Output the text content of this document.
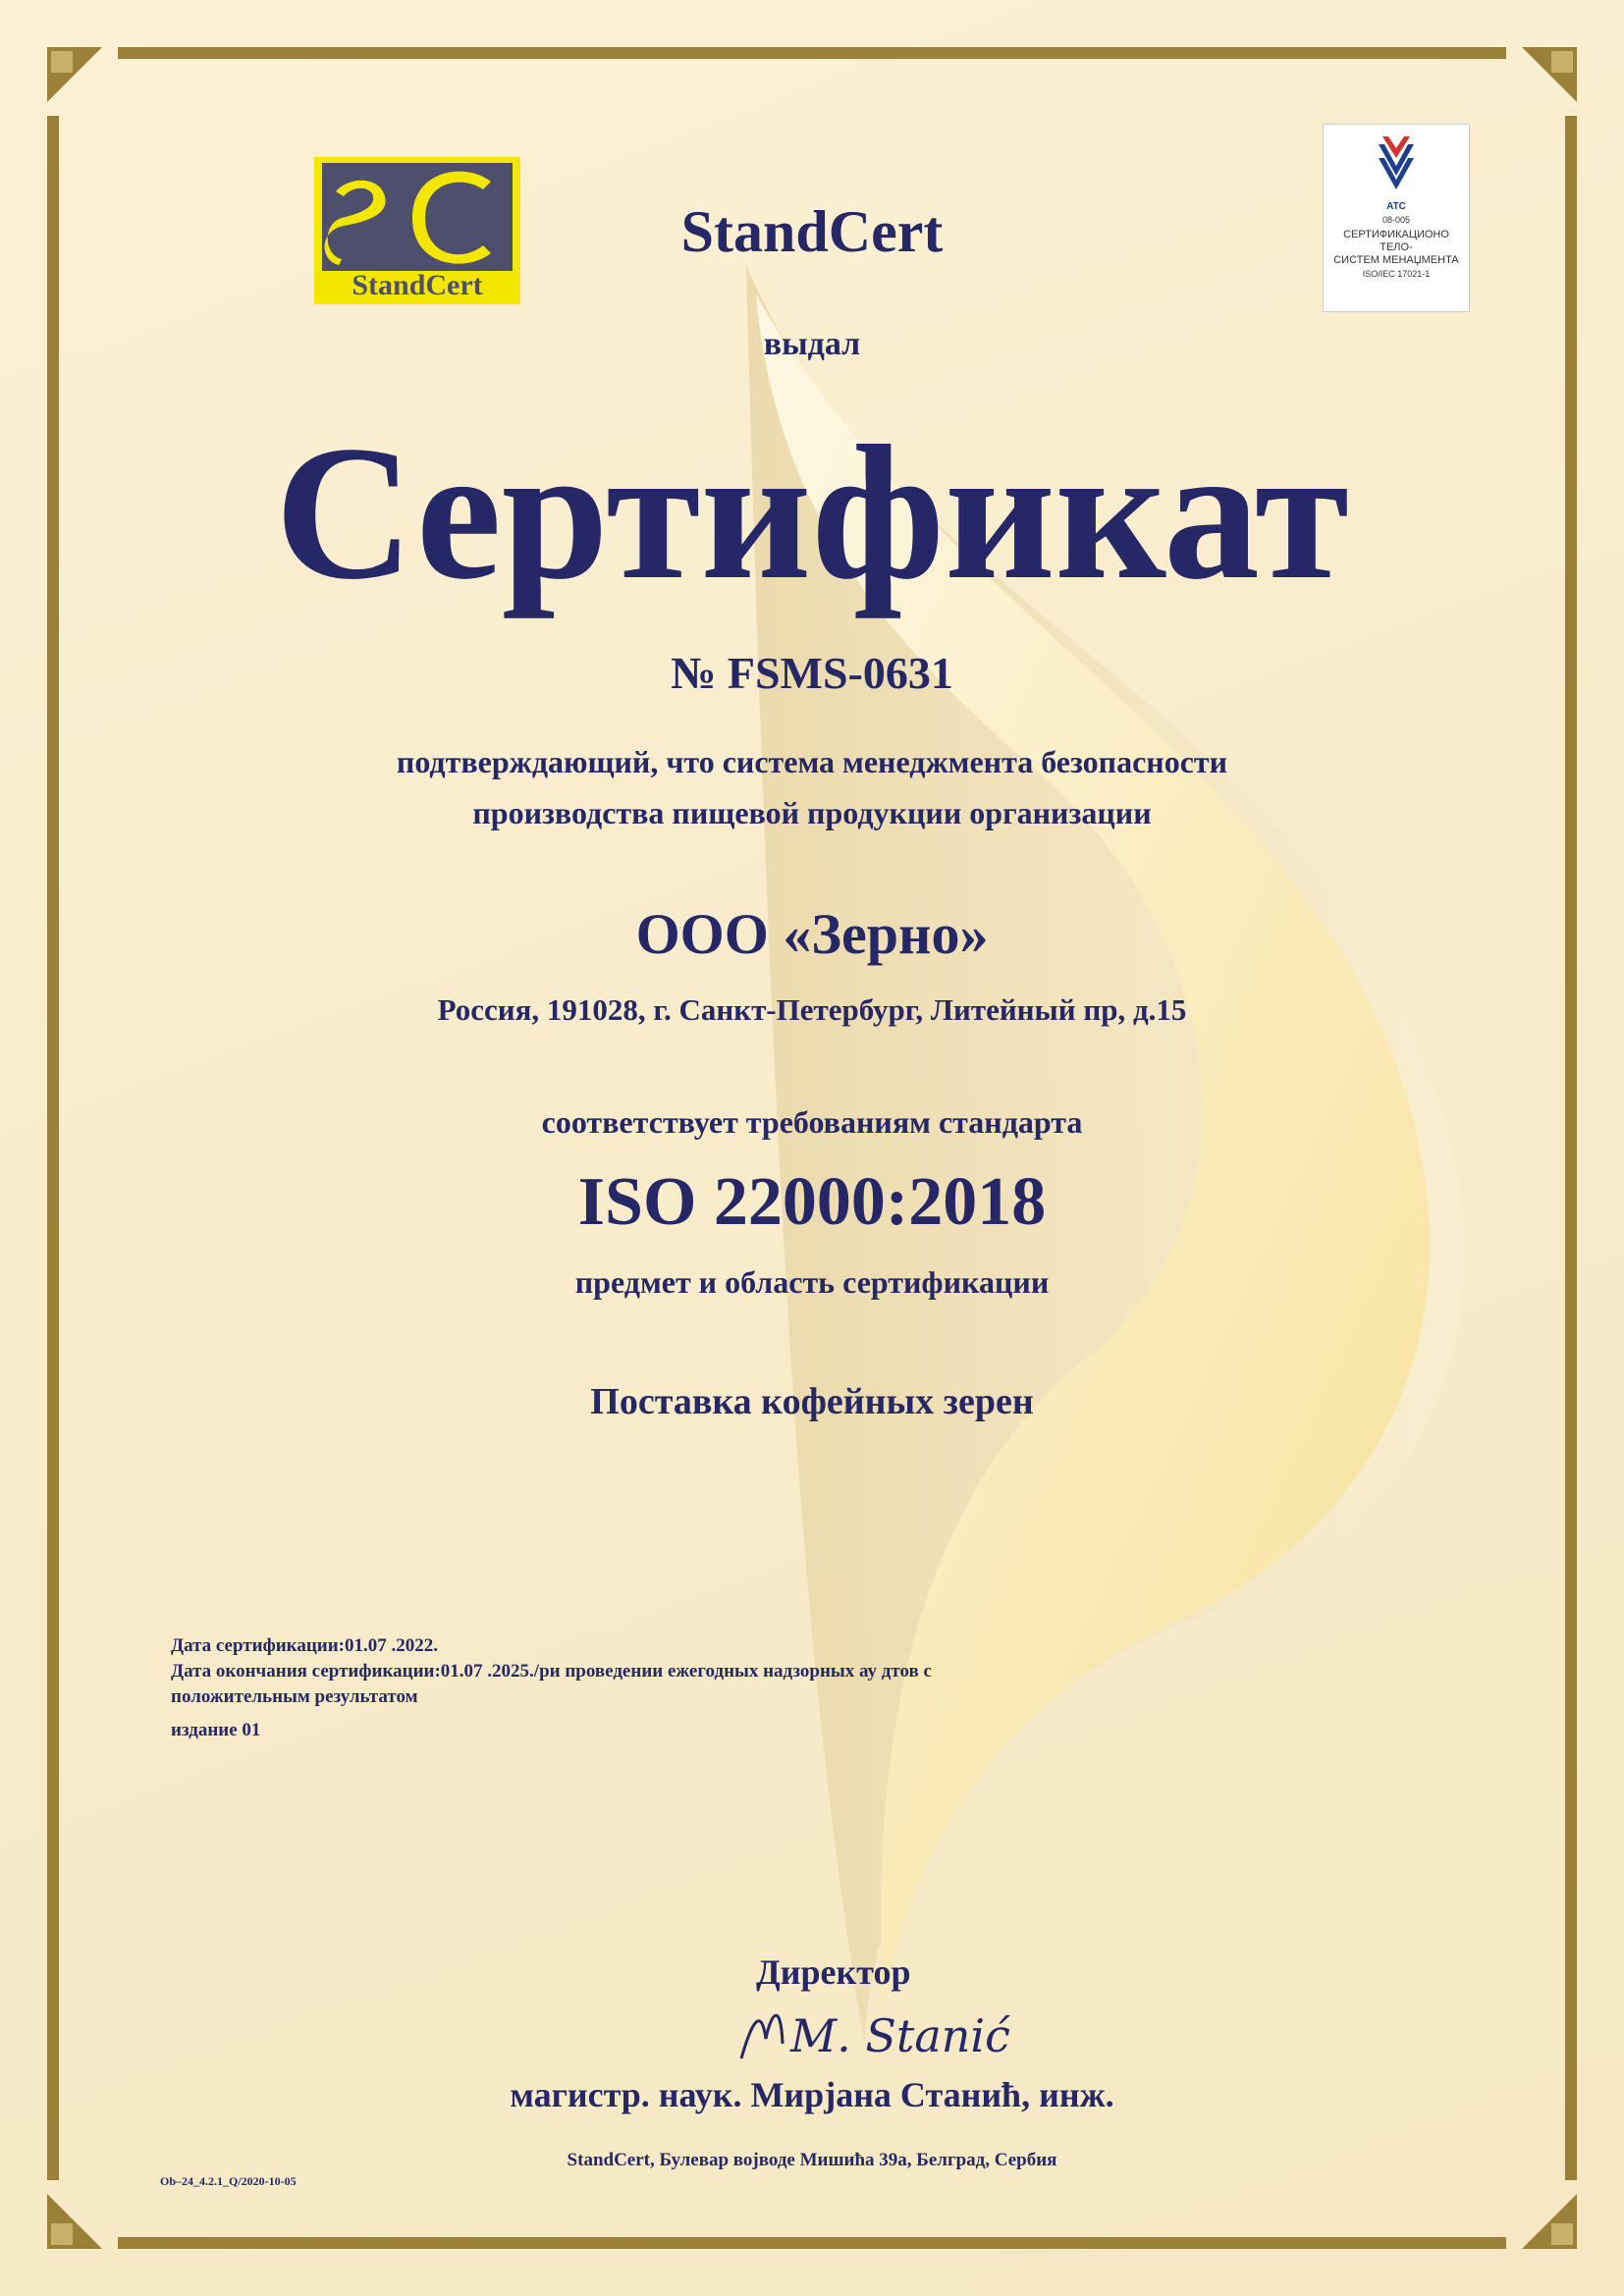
StandCert
ATC
08-005
СЕРТИФИКАЦИОНО
ТЕЛО-
СИСТЕМ МЕНАЏМЕНТА
ISO/IEC 17021-1
StandCert
выдал
Сертификат
№ FSMS-0631
подтверждающий, что система менеджмента безопасности
производства пищевой продукции организации
ООО «Зерно»
Россия, 191028, г. Санкт-Петербург, Литейный пр, д.15
соответствует требованиям стандарта
ISO 22000:2018
предмет и область сертификации
Поставка кофейных зерен
Дата сертификации:01.07 .2022.
Дата окончания сертификации:01.07 .2025./ри проведении ежегодных надзорных ау дтов с
положительным результатом
издание 01
Директор
M. Stanić
магистр. наук. Мирјана Станић, инж.
StandCert, Булевар војводе Мишића 39а, Белград, Сербия
Ob–24_4.2.1_Q/2020-10-05
